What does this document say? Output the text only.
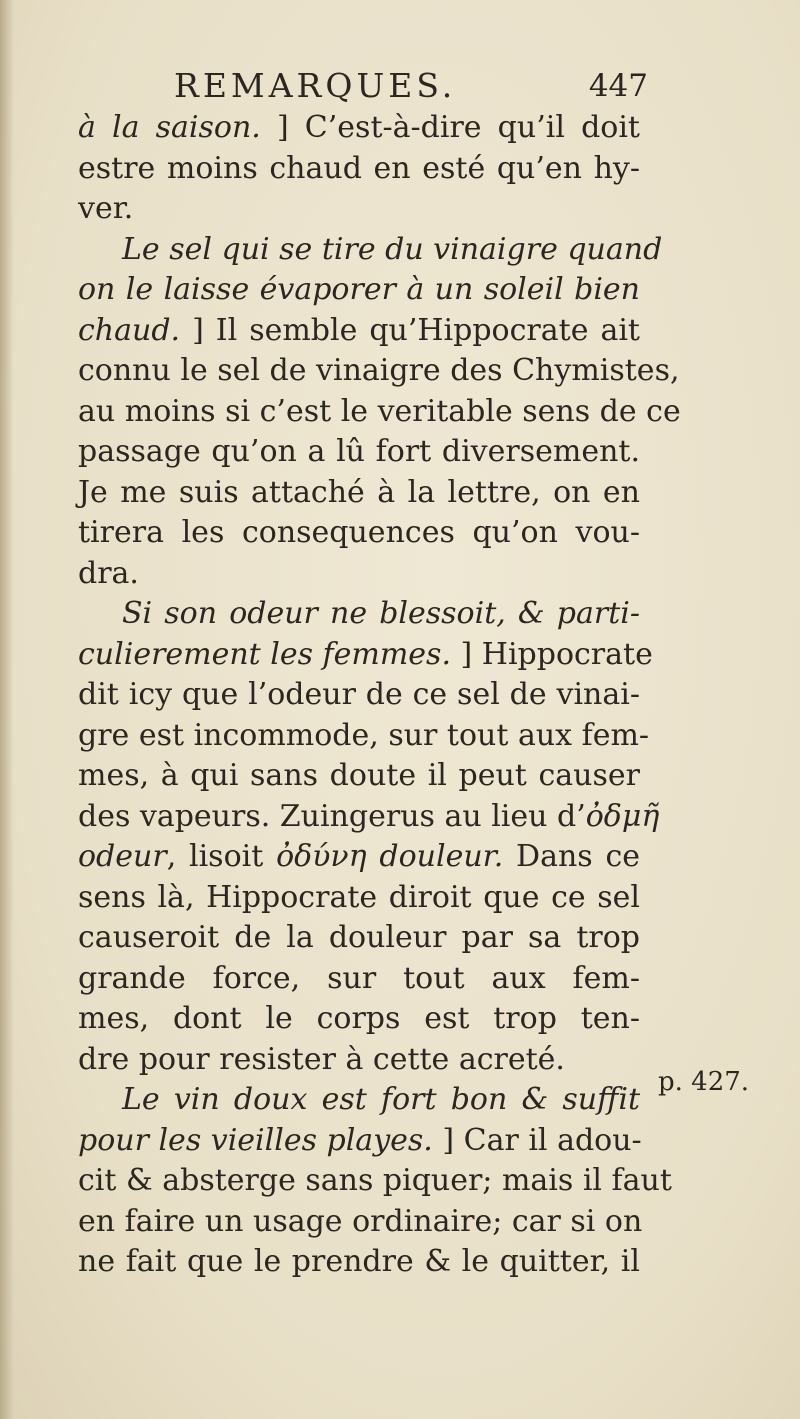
REMARQUES.	447
à la saison. ] C’est-à-dire qu’il doit
estre moins chaud en esté qu’en hy-
ver.
Le sel qui se tire du vinaigre quand
on le laisse évaporer à un soleil bien
chaud. ] Il semble qu’Hippocrate ait
connu le sel de vinaigre des Chymistes,
au moins si c’est le veritable sens de ce
passage qu’on a lû fort diversement.
Je me suis attaché à la lettre, on en
tirera les consequences qu’on vou-
dra.
Si son odeur ne blessoit, & parti-
culierement les femmes. ] Hippocrate
dit icy que l’odeur de ce sel de vinai-
gre est incommode, sur tout aux fem-
mes, à qui sans doute il peut causer
des vapeurs. Zuingerus au lieu d’ὀδμῆ
odeur, lisoit ὀδύνη douleur. Dans ce
sens là, Hippocrate diroit que ce sel
causeroit de la douleur par sa trop
grande force, sur tout aux fem-
mes, dont le corps est trop ten-
dre pour resister à cette acreté.
Le vin doux est fort bon & suffit
pour les vieilles playes. ] Car il adou-
cit & absterge sans piquer; mais il faut
en faire un usage ordinaire; car si on
ne fait que le prendre & le quitter, il
p. 427.
